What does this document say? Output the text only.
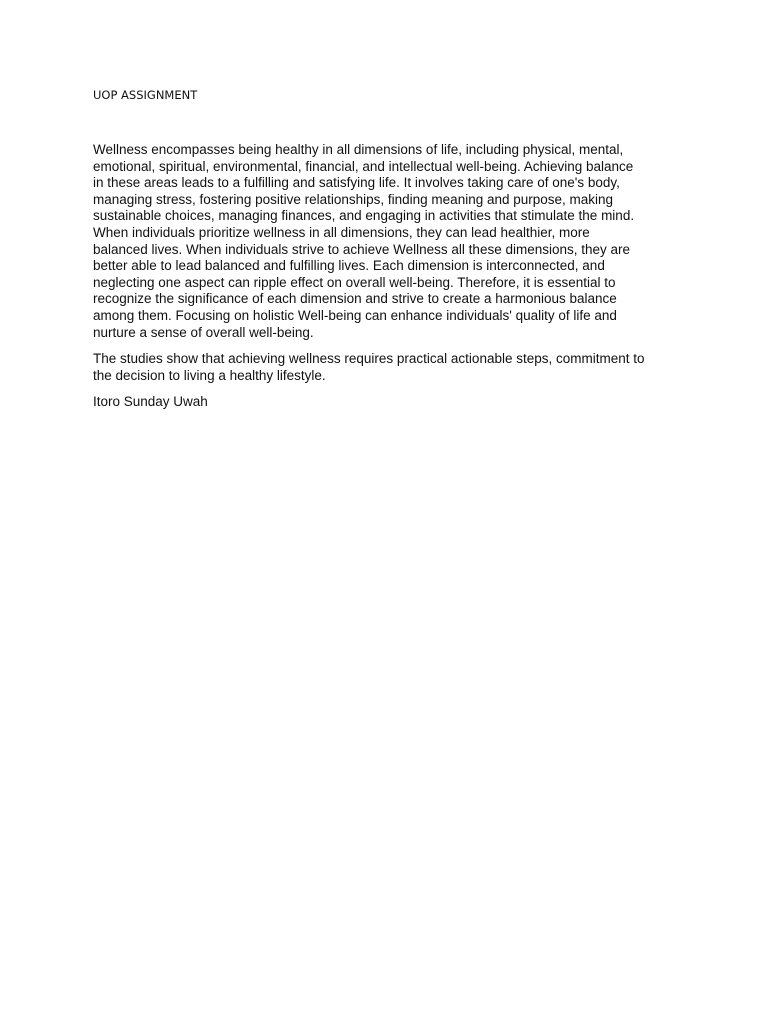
UOP ASSIGNMENT

Wellness encompasses being healthy in all dimensions of life, including physical, mental,
emotional, spiritual, environmental, financial, and intellectual well-being. Achieving balance
in these areas leads to a fulfilling and satisfying life. It involves taking care of one's body,
managing stress, fostering positive relationships, finding meaning and purpose, making
sustainable choices, managing finances, and engaging in activities that stimulate the mind.
When individuals prioritize wellness in all dimensions, they can lead healthier, more
balanced lives. When individuals strive to achieve Wellness all these dimensions, they are
better able to lead balanced and fulfilling lives. Each dimension is interconnected, and
neglecting one aspect can ripple effect on overall well-being. Therefore, it is essential to
recognize the significance of each dimension and strive to create a harmonious balance
among them. Focusing on holistic Well-being can enhance individuals' quality of life and
nurture a sense of overall well-being.

The studies show that achieving wellness requires practical actionable steps, commitment to
the decision to living a healthy lifestyle.

Itoro Sunday Uwah
